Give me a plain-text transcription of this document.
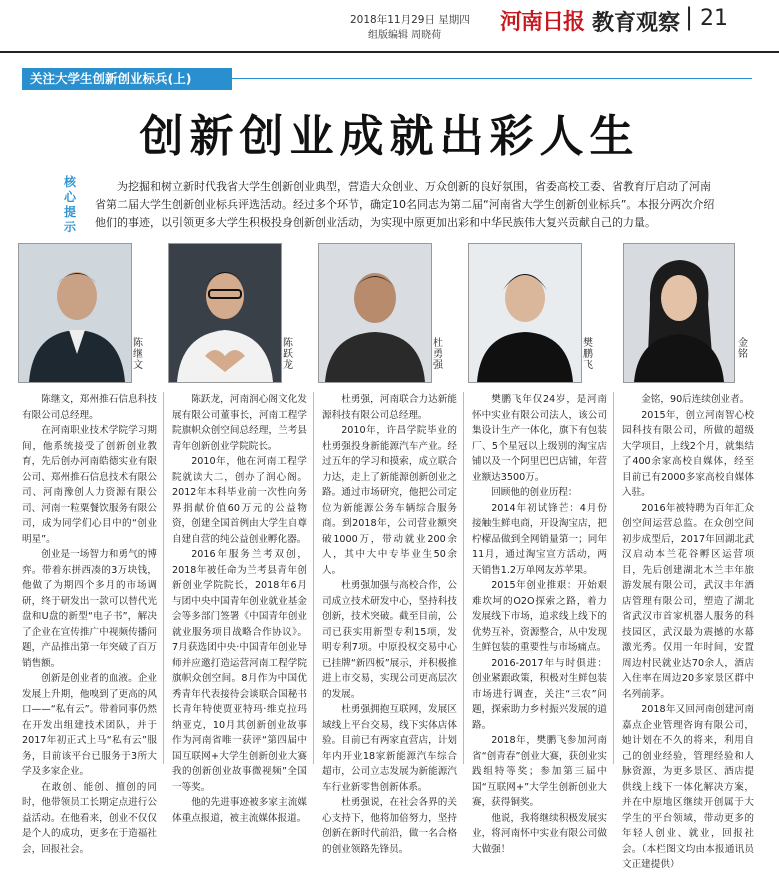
2018年11月29日 星期四
组版编辑 周晓荷
河南日报 教育观察 | 21
关注大学生创新创业标兵(上)
创新创业成就出彩人生
核心提示
为挖掘和树立新时代我省大学生创新创业典型，营造大众创业、万众创新的良好氛围，省委高校工委、省教育厅启动了河南省第二届大学生创新创业标兵评选活动。经过多个环节，确定10名同志为第二届“河南省大学生创新创业标兵”。本报分两次介绍他们的事迹，以引领更多大学生积极投身创新创业活动，为实现中原更加出彩和中华民族伟大复兴贡献自己的力量。
陈继文
陈跃龙
杜勇强
樊鹏飞
金铭

陈继文，郑州推石信息科技有限公司总经理。

在河南职业技术学院学习期间，他系统接受了创新创业教育，先后创办河南皓德实业有限公司、郑州推石信息技术有限公司、河南豫创人力资源有限公司、河南一粒粟餐饮服务有限公司，成为同学们心目中的“创业明星”。

创业是一场智力和勇气的博弈。带着东拼西凑的3万块钱，他做了为期四个多月的市场调研，终于研发出一款可以替代光盘和U盘的新型“电子书”，解决了企业在宣传推广中视频传播问题，产品推出第一年突破了百万销售额。

创新是创业者的血液。企业发展上升期，他嗅到了更高的风口——“私有云”。带着同事仍然在开发出组建技术团队，并于2017年初正式上马“私有云”服务，目前该平台已服务于3所大学及多家企业。

在敢创、能创、擅创的同时，他带领员工长期定点进行公益活动。在他看来，创业不仅仅是个人的成功，更多在于造福社会，回报社会。

陈跃龙，河南润心阁文化发展有限公司董事长，河南工程学院旗帜众创空间总经理，兰考县青年创新创业学院院长。

2010年，他在河南工程学院就读大二，创办了润心阁。2012年本科毕业前一次性向务界捐献价值60万元的公益物资，创建全国首例由大学生自尊自建自营的纯公益创业孵化器。

2016年服务兰考双创，2018年被任命为兰考县青年创新创业学院院长，2018年6月与团中央中国青年创业就业基金会等多部门签署《中国青年创业就业服务项目战略合作协议》。7月获选团中央·中国青年创业导师并应邀打造运营河南工程学院旗帜众创空间。8月作为中国优秀青年代表接待会谈联合国秘书长青年特使贾亚特玛·维克拉玛纳亚克，10月其创新创业故事作为河南省唯一获评“第四届中国互联网+大学生创新创业大赛我的创新创业故事微视频”全国一等奖。

他的先进事迹被多家主流媒体重点报道，被主流媒体报道。

杜勇强，河南联合力达新能源科技有限公司总经理。

2010年，许昌学院毕业的杜勇强投身新能源汽车产业。经过五年的学习和摸索，成立联合力达，走上了新能源创新创业之路。通过市场研究，他把公司定位为新能源公务车辆综合服务商。到2018年，公司营业额突破1000万，带动就业200余人，其中大中专毕业生50余人。

杜勇强加强与高校合作，公司成立技术研发中心，坚持科技创新，技术突破。截至目前，公司已获实用新型专利15项，发明专利7项。中原投权交易中心已挂牌“新四板”展示，并积极推进上市交易，实现公司更高层次的发展。

杜勇强拥抱互联网，发展区域线上平台交易，线下实体店体验。目前已有两家直营店，计划年内开业18家新能源汽车综合超市，公司立志发展为新能源汽车行业新零售创新体系。

杜勇强说，在社会各界的关心支持下，他将加倍努力，坚持创新在新时代前沿，做一名合格的创业领路先锋员。

樊鹏飞年仅24岁，是河南怀中实业有限公司法人，该公司集设计生产一体化，旗下有包装厂、5个星冠以上级别的淘宝店铺以及一个阿里巴巴店铺，年营业额达3500万。

回顾他的创业历程：

2014年初试锋芒：4月份接触生鲜电商，开设淘宝店，把柠檬品做到全网销量第一；同年11月，通过淘宝宣方活动，两天销售1.2万单网友苏苹果。

2015年创业推艰：开始艰难坎坷的O2O探索之路，着力发展线下市场，追求线上线下的优势互补，资源整合，从中发现生鲜包装的重要性与市场痛点。

2016-2017年与时俱进：创业紧跟政策，积极对生鲜包装市场进行调查，关注“三农”问题，探索助力乡村振兴发展的道路。

2018年，樊鹏飞参加河南省“创青春”创业大赛，获创业实践组特等奖；参加第三届中国“互联网+”大学生创新创业大赛，获得铜奖。

他说，我将继续积极发展实业，将河南怀中实业有限公司做大做强！

金铭，90后连续创业者。

2015年，创立河南智心校园科技有限公司，所做的超级大学项目，上线2个月，就集结了400余家高校自媒体，经至目前已有2000多家高校自媒体入驻。

2016年被特聘为百年汇众创空间运营总监。在众创空间初步成型后，2017年回湖北武汉启动本兰花谷孵区运营项目，先后创建湖北木兰丰年旅游发展有限公司，武汉丰年酒店管理有限公司，塑造了湖北省武汉市首家机器人服务的科技园区，武汉最为震撼的水幕激光秀。仅用一年时间，安置周边村民就业达70余人，酒店入住率在周边20多家景区群中名列前茅。

2018年又回河南创建河南嘉点企业管理咨询有限公司，她计划在不久的将来，利用自己的创业经验，管理经验和人脉资源，为更多景区、酒店提供线上线下一体化解决方案，并在中原地区继续开创属于大学生的平台领域，带动更多的年轻人创业、就业，回报社会。（本栏图文均由本报通讯员文正建提供）
